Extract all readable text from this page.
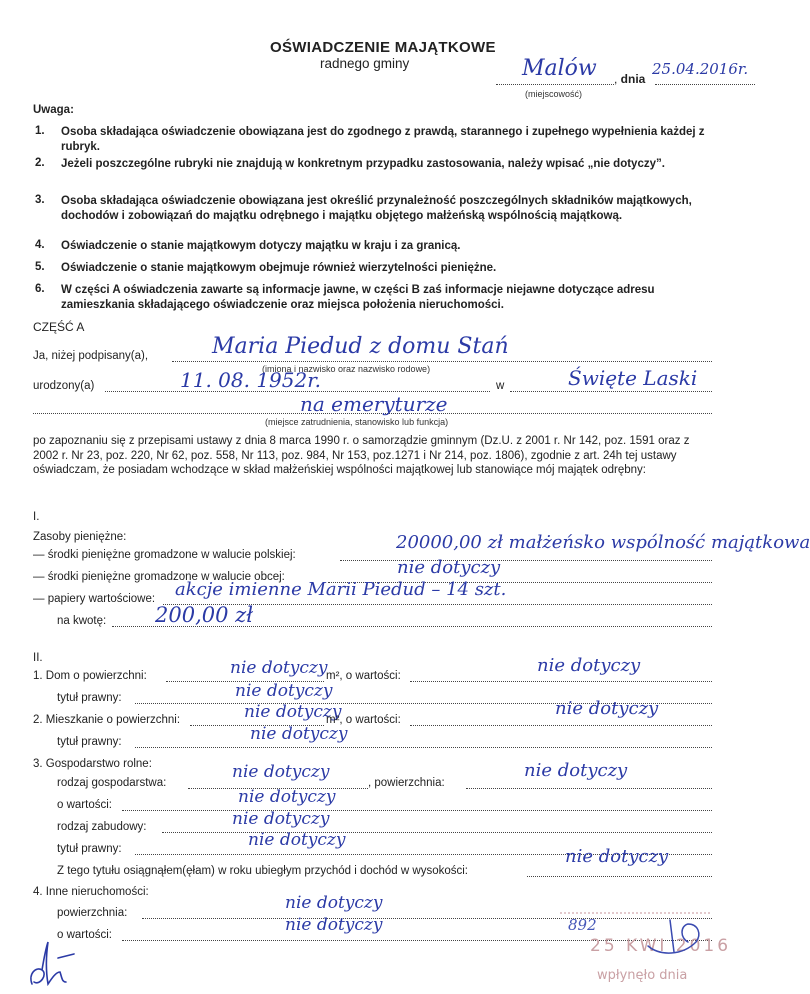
OŚWIADCZENIE MAJĄTKOWE
radnego gminy	Malów , dnia
25.04.2016r.
(miejscowość)
Uwaga:
1. Osoba składająca oświadczenie obowiązana jest do zgodnego z prawdą, starannego i zupełnego wypełnienia każdej z rubryk.
2. Jeżeli poszczególne rubryki nie znajdują w konkretnym przypadku zastosowania, należy wpisać „nie dotyczy”.
3. Osoba składająca oświadczenie obowiązana jest określić przynależność poszczególnych składników majątkowych, dochodów i zobowiązań do majątku odrębnego i majątku objętego małżeńską wspólnością majątkową.
4. Oświadczenie o stanie majątkowym dotyczy majątku w kraju i za granicą.
5. Oświadczenie o stanie majątkowym obejmuje również wierzytelności pieniężne.
6. W części A oświadczenia zawarte są informacje jawne, w części B zaś informacje niejawne dotyczące adresu zamieszkania składającego oświadczenie oraz miejsca położenia nieruchomości.
CZĘŚĆ A
Ja, niżej podpisany(a),	Maria Piedud z domu Stań
(imiona i nazwisko oraz nazwisko rodowe)
urodzony(a)	11. 08. 1952r.	w	Święte Laski
na emeryturze
(miejsce zatrudnienia, stanowisko lub funkcja)
po zapoznaniu się z przepisami ustawy z dnia 8 marca 1990 r. o samorządzie gminnym (Dz.U. z 2001 r. Nr 142, poz. 1591 oraz z 2002 r. Nr 23, poz. 220, Nr 62, poz. 558, Nr 113, poz. 984, Nr 153, poz.1271 i Nr 214, poz. 1806), zgodnie z art. 24h tej ustawy oświadczam, że posiadam wchodzące w skład małżeńskiej wspólności majątkowej lub stanowiące mój majątek odrębny:
I.
Zasoby pieniężne:
— środki pieniężne gromadzone w walucie polskiej:
20000,00 zł małżeńsko wspólność majątkowa
— środki pieniężne gromadzone w walucie obcej:	nie dotyczy
— papiery wartościowe: akcje imienne Marii Piedud – 14 szt.
na kwotę: 200,00 zł
II.
1. Dom o powierzchni:	nie dotyczy
m², o wartości:	nie dotyczy
tytuł prawny:	nie dotyczy
2. Mieszkanie o powierzchni:	nie dotyczy
m², o wartości:
nie dotyczy
tytuł prawny:	nie dotyczy
3. Gospodarstwo rolne:
rodzaj gospodarstwa:
nie dotyczy
, powierzchnia:
nie dotyczy
o wartości:	nie dotyczy
rodzaj zabudowy:	nie dotyczy
tytuł prawny:	nie dotyczy
Z tego tytułu osiągnąłem(ęłam) w roku ubiegłym przychód i dochód w wysokości:
nie dotyczy
4. Inne nieruchomości:
powierzchnia:	nie dotyczy
o wartości:	nie dotyczy	892
25 KWI 2016
wpłynęło dnia
